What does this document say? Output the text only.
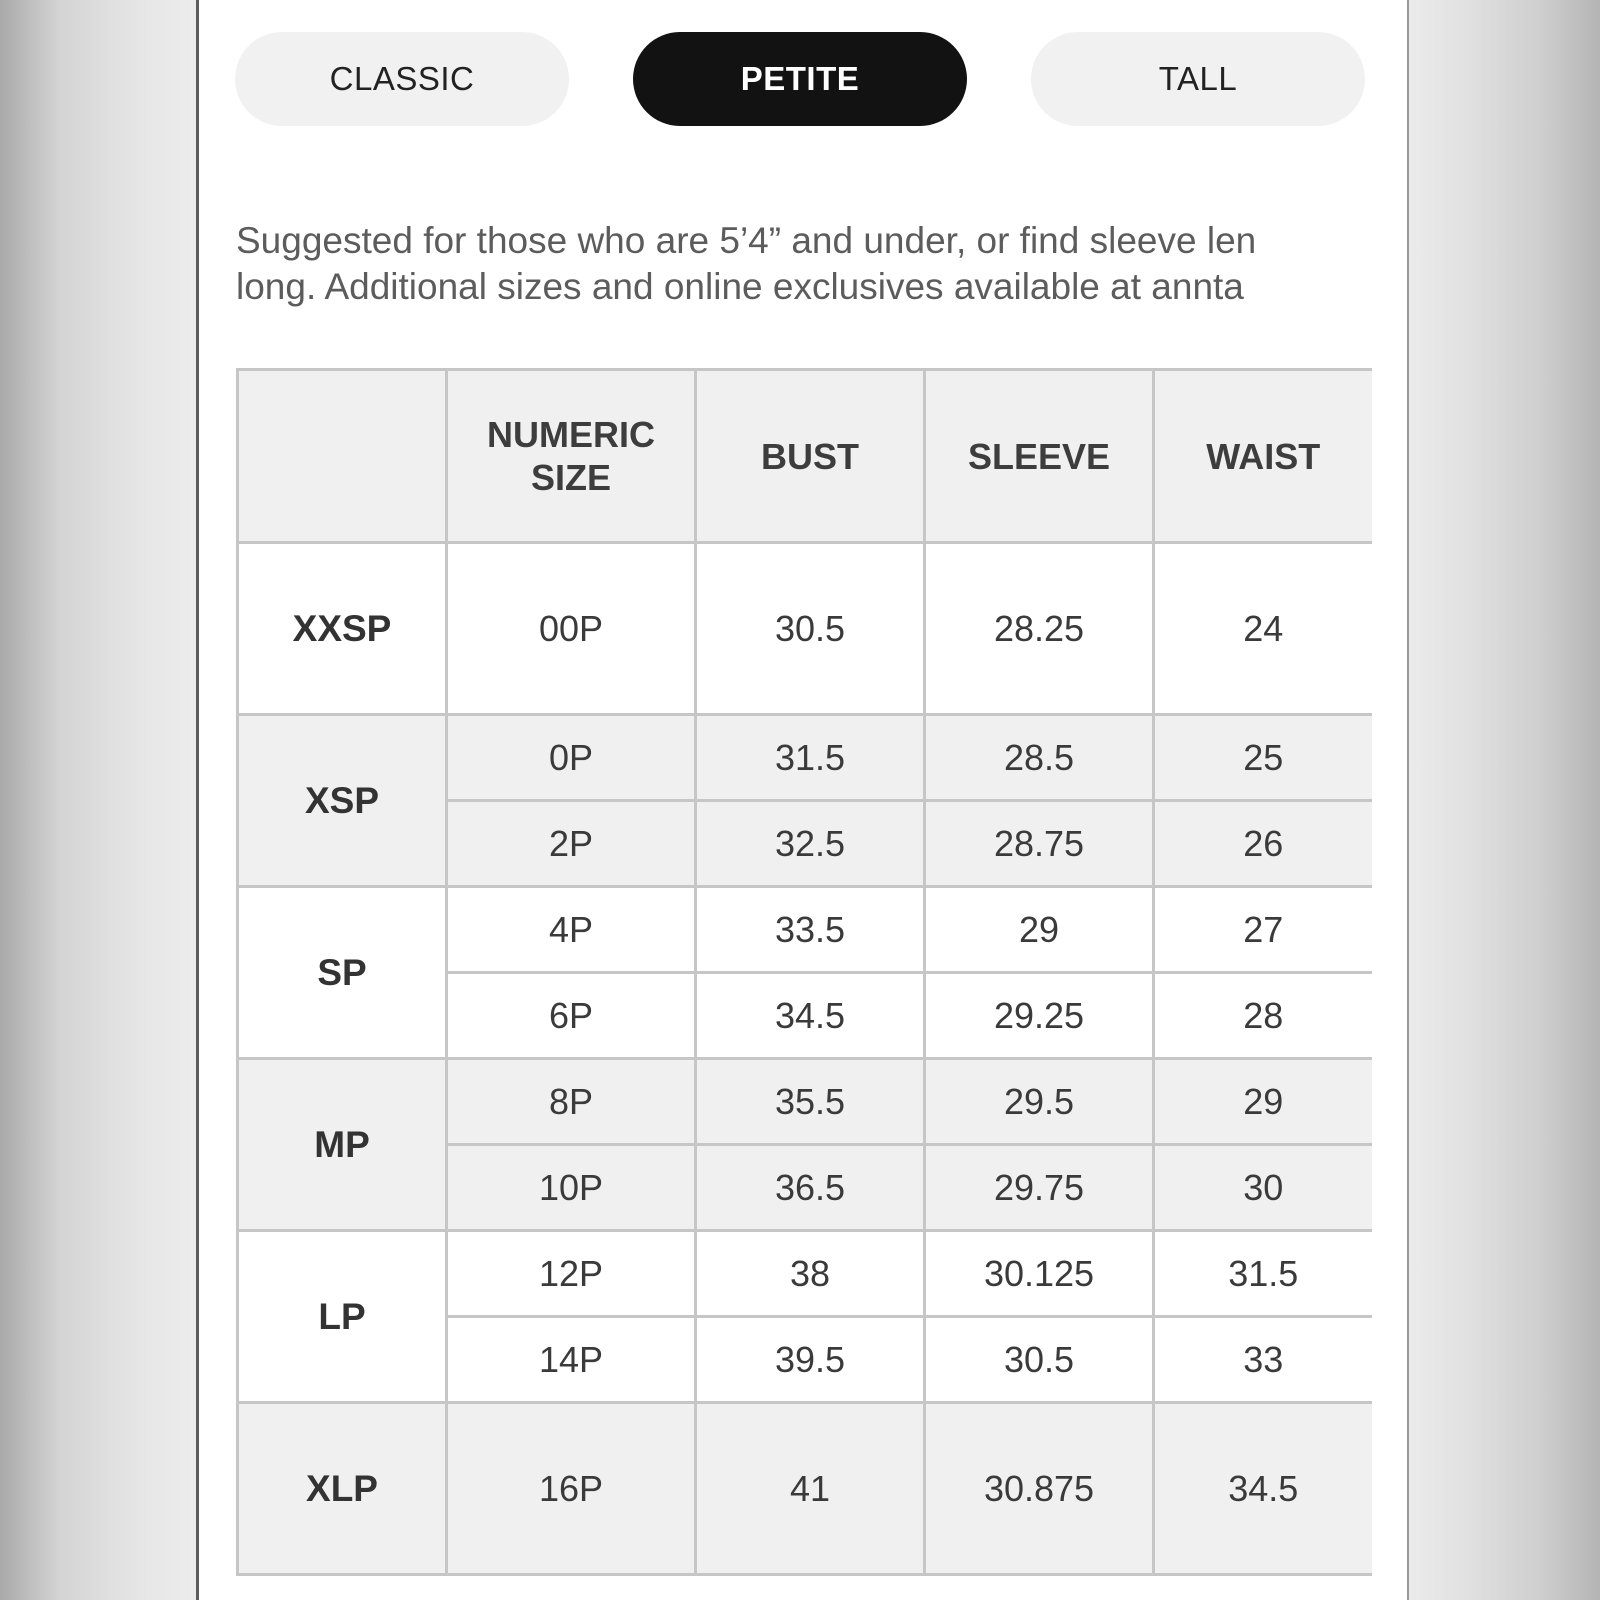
CLASSIC	PETITE	TALL
Suggested for those who are 5’4” and under, or find sleeve len
long. Additional sizes and online exclusives available at annta
	NUMERIC SIZE	BUST	SLEEVE	WAIST
XXSP	00P	30.5	28.25	24
XSP	0P	31.5	28.5	25
	2P	32.5	28.75	26
SP	4P	33.5	29	27
	6P	34.5	29.25	28
MP	8P	35.5	29.5	29
	10P	36.5	29.75	30
LP	12P	38	30.125	31.5
	14P	39.5	30.5	33
XLP	16P	41	30.875	34.5
